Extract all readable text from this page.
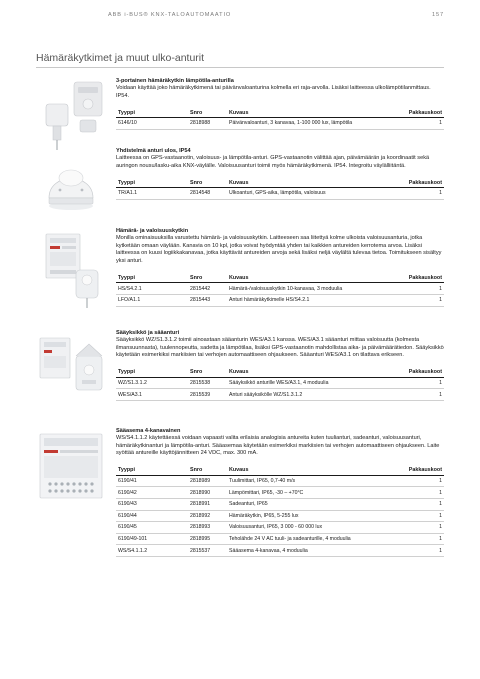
ABB i-BUS® KNX-TALOAUTOMAATIO	157
Hämäräkytkimet ja muut ulko-anturit
3-portainen hämäräkytkin lämpötila-anturilla

Voidaan käyttää joko hämäräkytkimenä tai päivänvaloanturina kolmella eri raja-arvolla. Lisäksi laitteessa ulkolämpötilanmittaus. IP54.

Tyyppi	Snro	Kuvaus	Pakkauskoot
6146/10	2818988	Päivänvaloanturi, 3 kanavaa, 1-100 000 lux, lämpötila	1
Yhdistelmä anturi ulos, IP54

Laitteessa on GPS-vastaanotin, valoisuus- ja lämpötila-anturi. GPS-vastaanotin välittää ajan, päivämäärän ja koordinaatit sekä auringon nousu/lasku-aika KNX-väylälle. Valoisuusanturi toimii myös hämäräkytkimenä. IP54. Integroitu väylälliitäntä.

Tyyppi	Snro	Kuvaus	Pakkauskoot
TR/A1.1	2814548	Ulkoanturi, GPS-aika, lämpötila, valoisuus	1
Hämärä- ja valoisuuskytkin

Monilla ominaisuuksilla varustettu hämärä- ja valoisuuskytkin. Laitteeseen saa liitettyä kolme ulkoista valoisuusanturia, jotka kytketään omaan väylään. Kanavia on 10 kpl, jotka voivat hyödyntää yhden tai kaikkien antureiden kerrotema arvoa. Lisäksi laitteessa on kuusi logiikkakanavaa, jotka käyttävät antureiden arvoja sekä lisäksi neljä väylältä tulevaa tietoa. Toimitukseen sisältyy yksi anturi.

Tyyppi	Snro	Kuvaus	Pakkauskoot
HS/S4.2.1	2815442	Hämärä-/valoisuuskytkin 10-kanavaa, 3 moduulia	1
LFO/A1.1	2815443	Anturi hämäräkytkimelle HS/S4.2.1	1
Sääyksikkö ja sääanturi

Sääyksikkö WZ/S1.3.1.2 toimii ainoastaan sääanturin WES/A3.1 kanssa. WES/A3.1 sääanturi mittaa valoisuutta (kolmesta ilmansuunnasta), tuulennopeutta, sadetta ja lämpötilaa, lisäksi GPS-vastaanotin mahdollistaa aika- ja päivämäärätiedon. Sääyksikkö käytetään esimerkiksi markiisien tai verhojen automaattiseen ohjaukseen. Sääanturi WES/A3.1 on tilattava erikseen.

Tyyppi	Snro	Kuvaus	Pakkauskoot
WZ/S1.3.1.2	2815538	Sääyksikkö anturille WES/A3.1, 4 moduulia	1
WES/A3.1	2815539	Anturi sääyksikölle WZ/S1.3.1.2	1
Sääasema 4-kanavainen

WS/S4.1.1.2 käytettäessä voidaan vapaasti valita erilaisia analogisia antureita kuten tuulianturi, sadeanturi, valoisuusanturi, hämäräkytkinanturi ja lämpötila-anturi. Sääasemaa käytetään esimerkiksi markiisien tai verhojen automaattiseen ohjaukseen. Laite syöttää antureille käyttöjännitteen 24 VDC, max. 300 mA.

Tyyppi	Snro	Kuvaus	Pakkauskoot
6190/41	2818989	Tuulimittari, IP65, 0,7-40 m/s	1
6190/42	2818990	Lämpömittari, IP65, -30 – +70°C	1
6190/43	2818991	Sadeanturi, IP65	1
6190/44	2818992	Hämäräkytkin, IP65, 5-255 lux	1
6190/45	2818993	Valoisuusanturi, IP65, 3 000 - 60 000 lux	1
6190/49-101	2818995	Teholähde 24 V AC tuuli- ja sadeanturille, 4 moduulia	1
WS/S4.1.1.2	2815537	Sääasema 4-kanavaa, 4 moduulia	1
